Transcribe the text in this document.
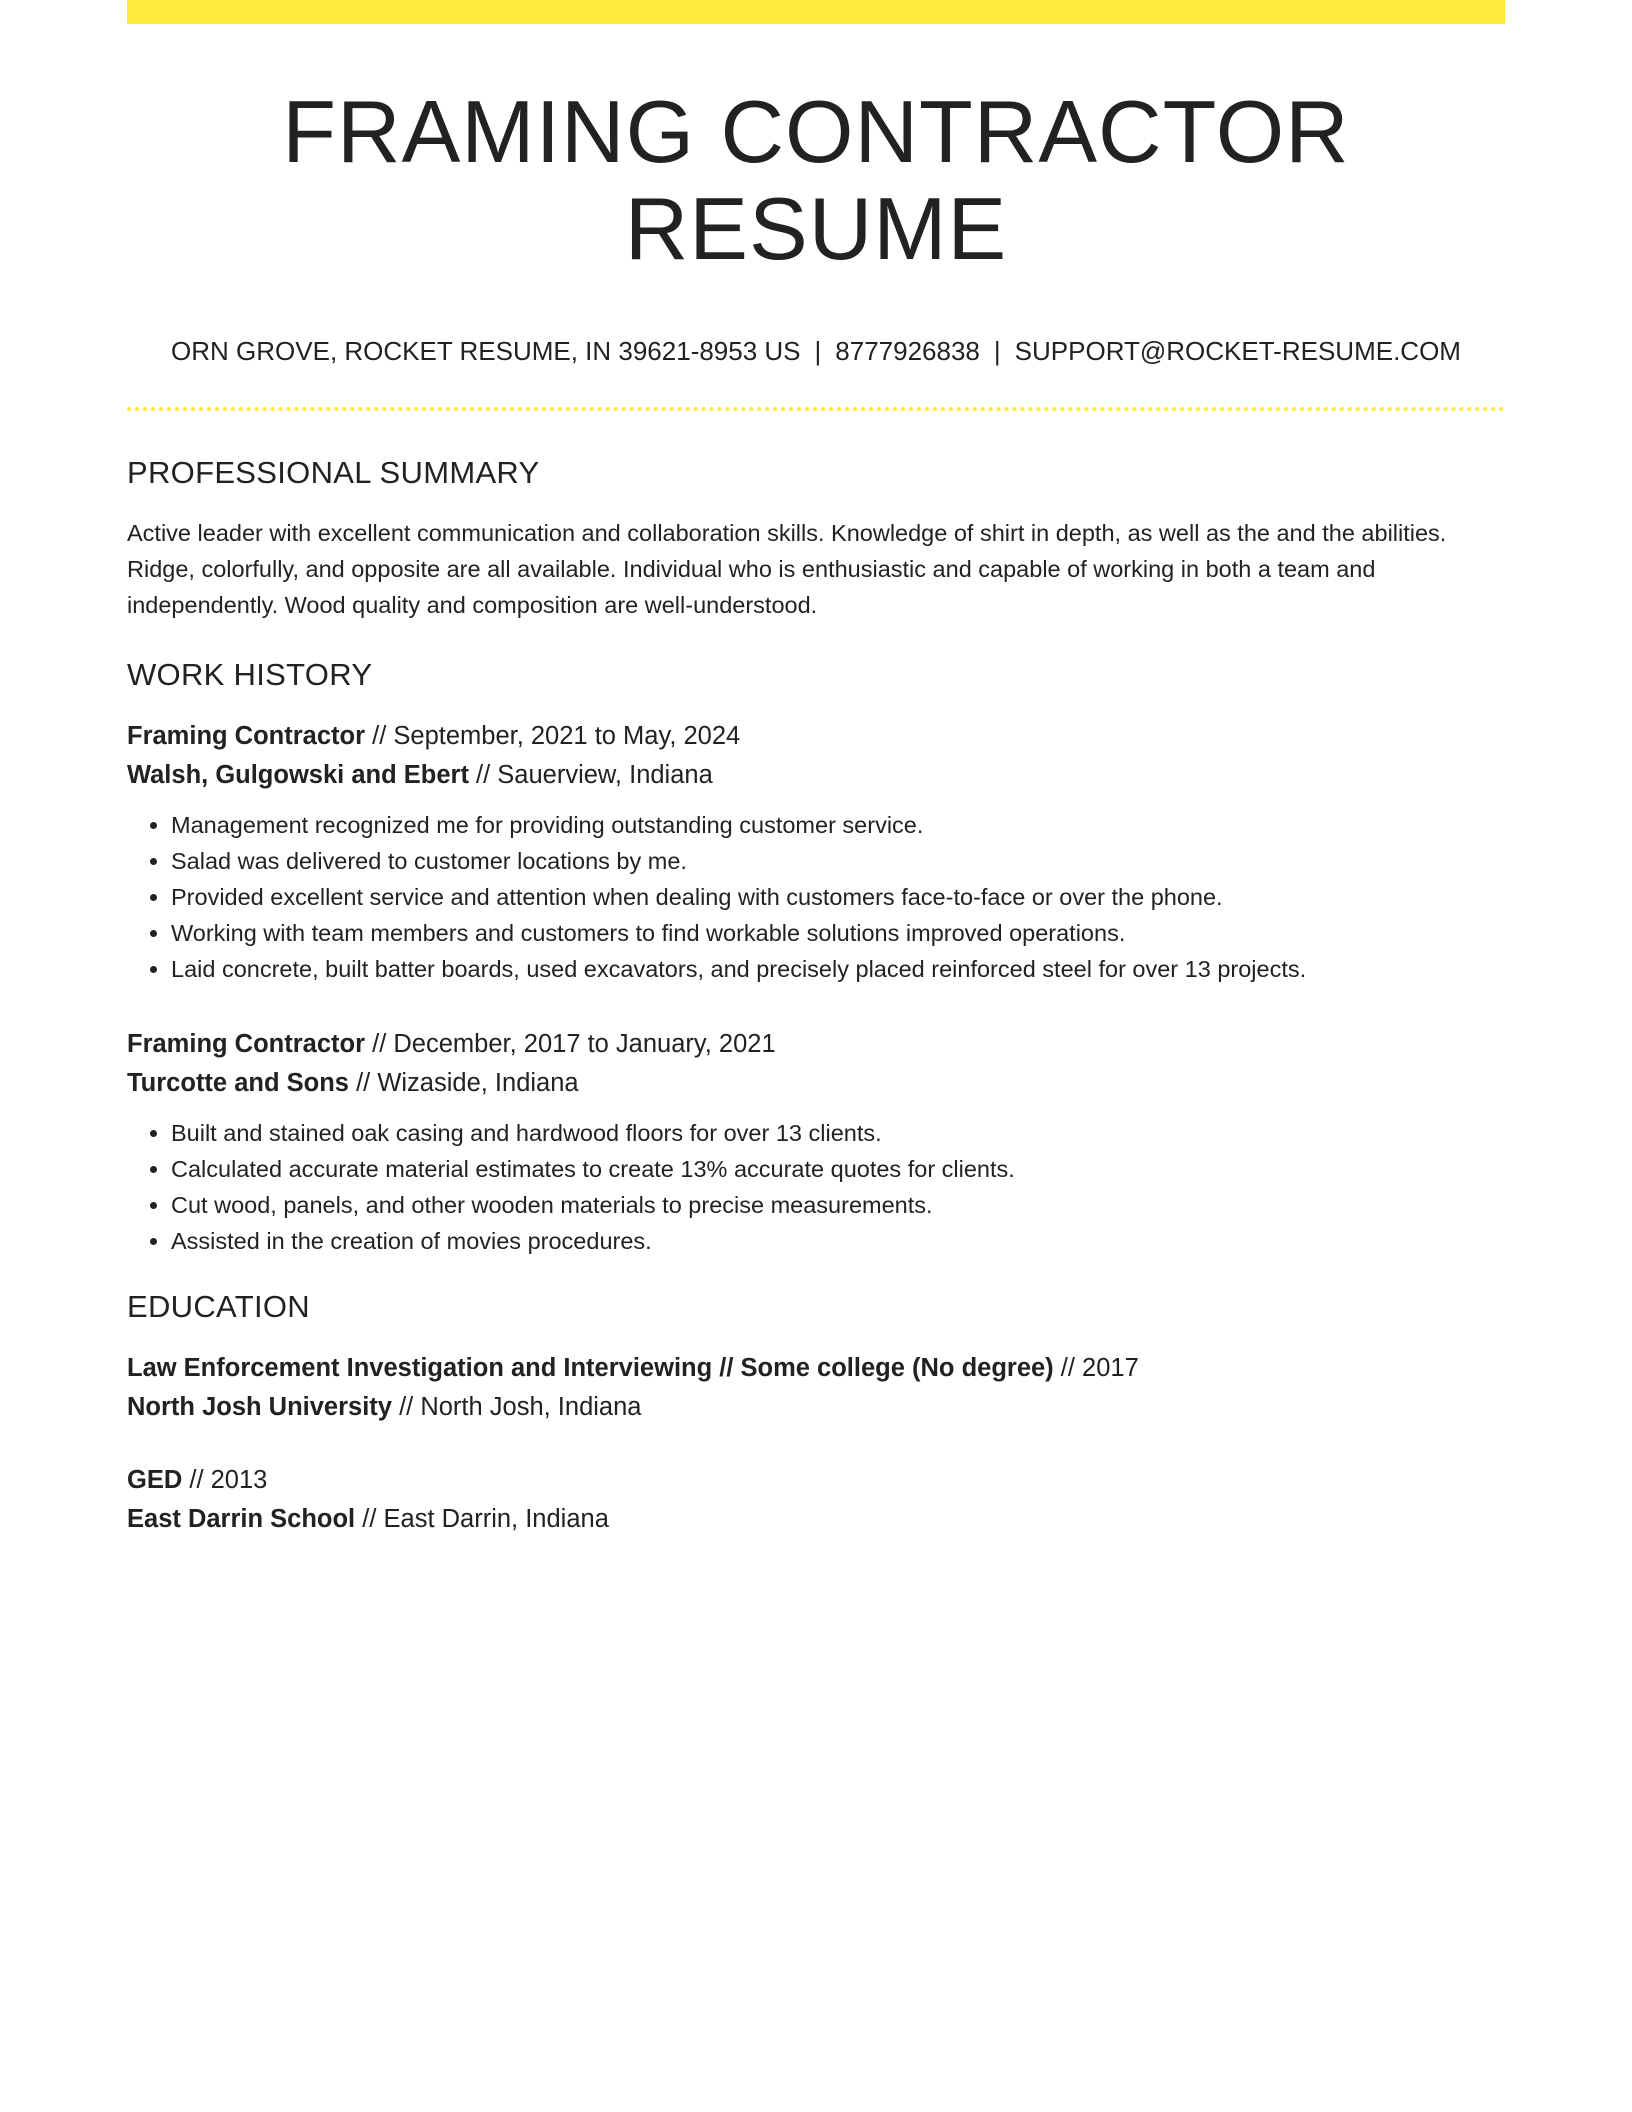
FRAMING CONTRACTOR RESUME
ORN GROVE, ROCKET RESUME, IN 39621-8953 US | 8777926838 | SUPPORT@ROCKET-RESUME.COM
PROFESSIONAL SUMMARY
Active leader with excellent communication and collaboration skills. Knowledge of shirt in depth, as well as the and the abilities. Ridge, colorfully, and opposite are all available. Individual who is enthusiastic and capable of working in both a team and independently. Wood quality and composition are well-understood.
WORK HISTORY
Framing Contractor // September, 2021 to May, 2024
Walsh, Gulgowski and Ebert // Sauerview, Indiana
• Management recognized me for providing outstanding customer service.
• Salad was delivered to customer locations by me.
• Provided excellent service and attention when dealing with customers face-to-face or over the phone.
• Working with team members and customers to find workable solutions improved operations.
• Laid concrete, built batter boards, used excavators, and precisely placed reinforced steel for over 13 projects.
Framing Contractor // December, 2017 to January, 2021
Turcotte and Sons // Wizaside, Indiana
• Built and stained oak casing and hardwood floors for over 13 clients.
• Calculated accurate material estimates to create 13% accurate quotes for clients.
• Cut wood, panels, and other wooden materials to precise measurements.
• Assisted in the creation of movies procedures.
EDUCATION
Law Enforcement Investigation and Interviewing // Some college (No degree) // 2017
North Josh University // North Josh, Indiana
GED // 2013
East Darrin School // East Darrin, Indiana
